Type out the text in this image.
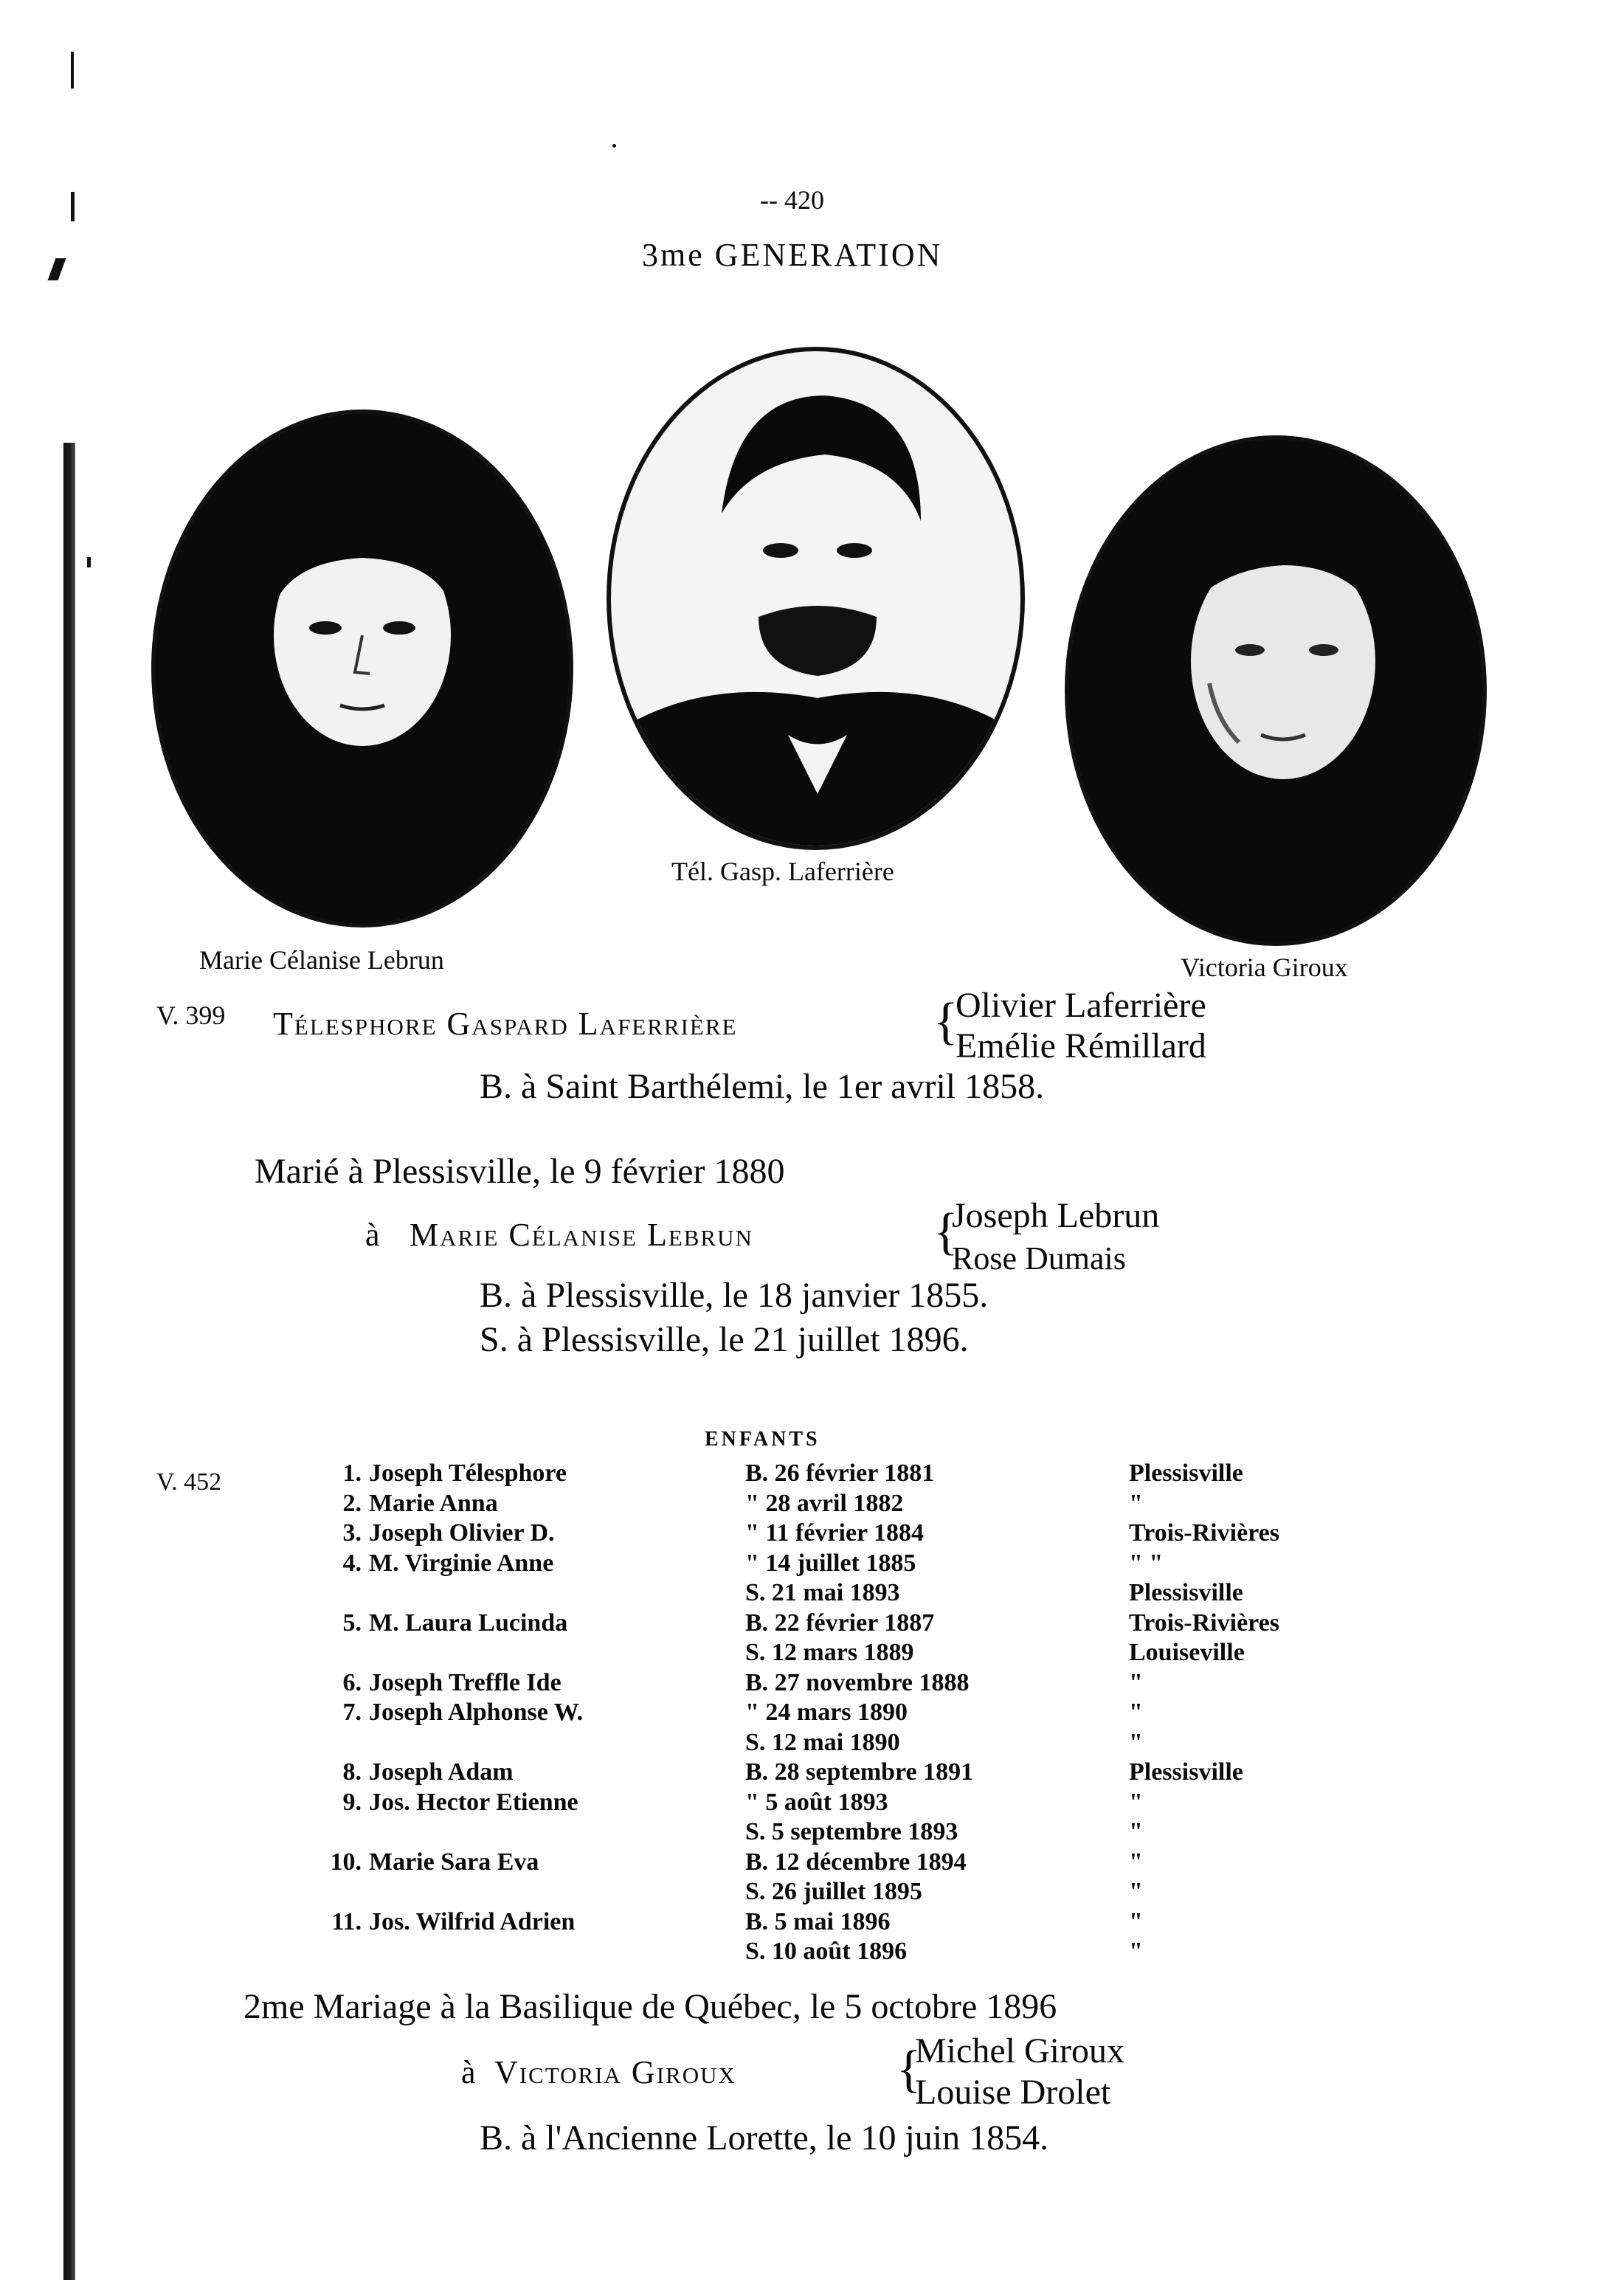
-- 420
3me GENERATION
Tél. Gasp. Laferrière
Marie Célanise Lebrun	Victoria Giroux
V. 399 Télesphore Gaspard Laferrière	{
Olivier Laferrière
Emélie Rémillard
B. à Saint Barthélemi, le 1er avril 1858.
Marié à Plessisville, le 9 février 1880
à Marie Célanise Lebrun	{
Joseph Lebrun
Rose Dumais
B. à Plessisville, le 18 janvier 1855.
S. à Plessisville, le 21 juillet 1896.
ENFANTS
V. 452	1. Joseph Télesphore	B. 26 février 1881	Plessisville
2. Marie Anna	" 28 avril 1882	"
3. Joseph Olivier D.	" 11 février 1884	Trois-Rivières
4. M. Virginie Anne	" 14 juillet 1885	" "
S. 21 mai 1893	Plessisville
5. M. Laura Lucinda	B. 22 février 1887	Trois-Rivières
S. 12 mars 1889	Louiseville
6. Joseph Treffle Ide	B. 27 novembre 1888	"
7. Joseph Alphonse W.	" 24 mars 1890	"
S. 12 mai 1890	"
8. Joseph Adam	B. 28 septembre 1891	Plessisville
9. Jos. Hector Etienne	" 5 août 1893	"
S. 5 septembre 1893	"
10. Marie Sara Eva	B. 12 décembre 1894	"
S. 26 juillet 1895	"
11. Jos. Wilfrid Adrien	B. 5 mai 1896	"
S. 10 août 1896	"
2me Mariage à la Basilique de Québec, le 5 octobre 1896
à Victoria Giroux	{
Michel Giroux
Louise Drolet
B. à l'Ancienne Lorette, le 10 juin 1854.
